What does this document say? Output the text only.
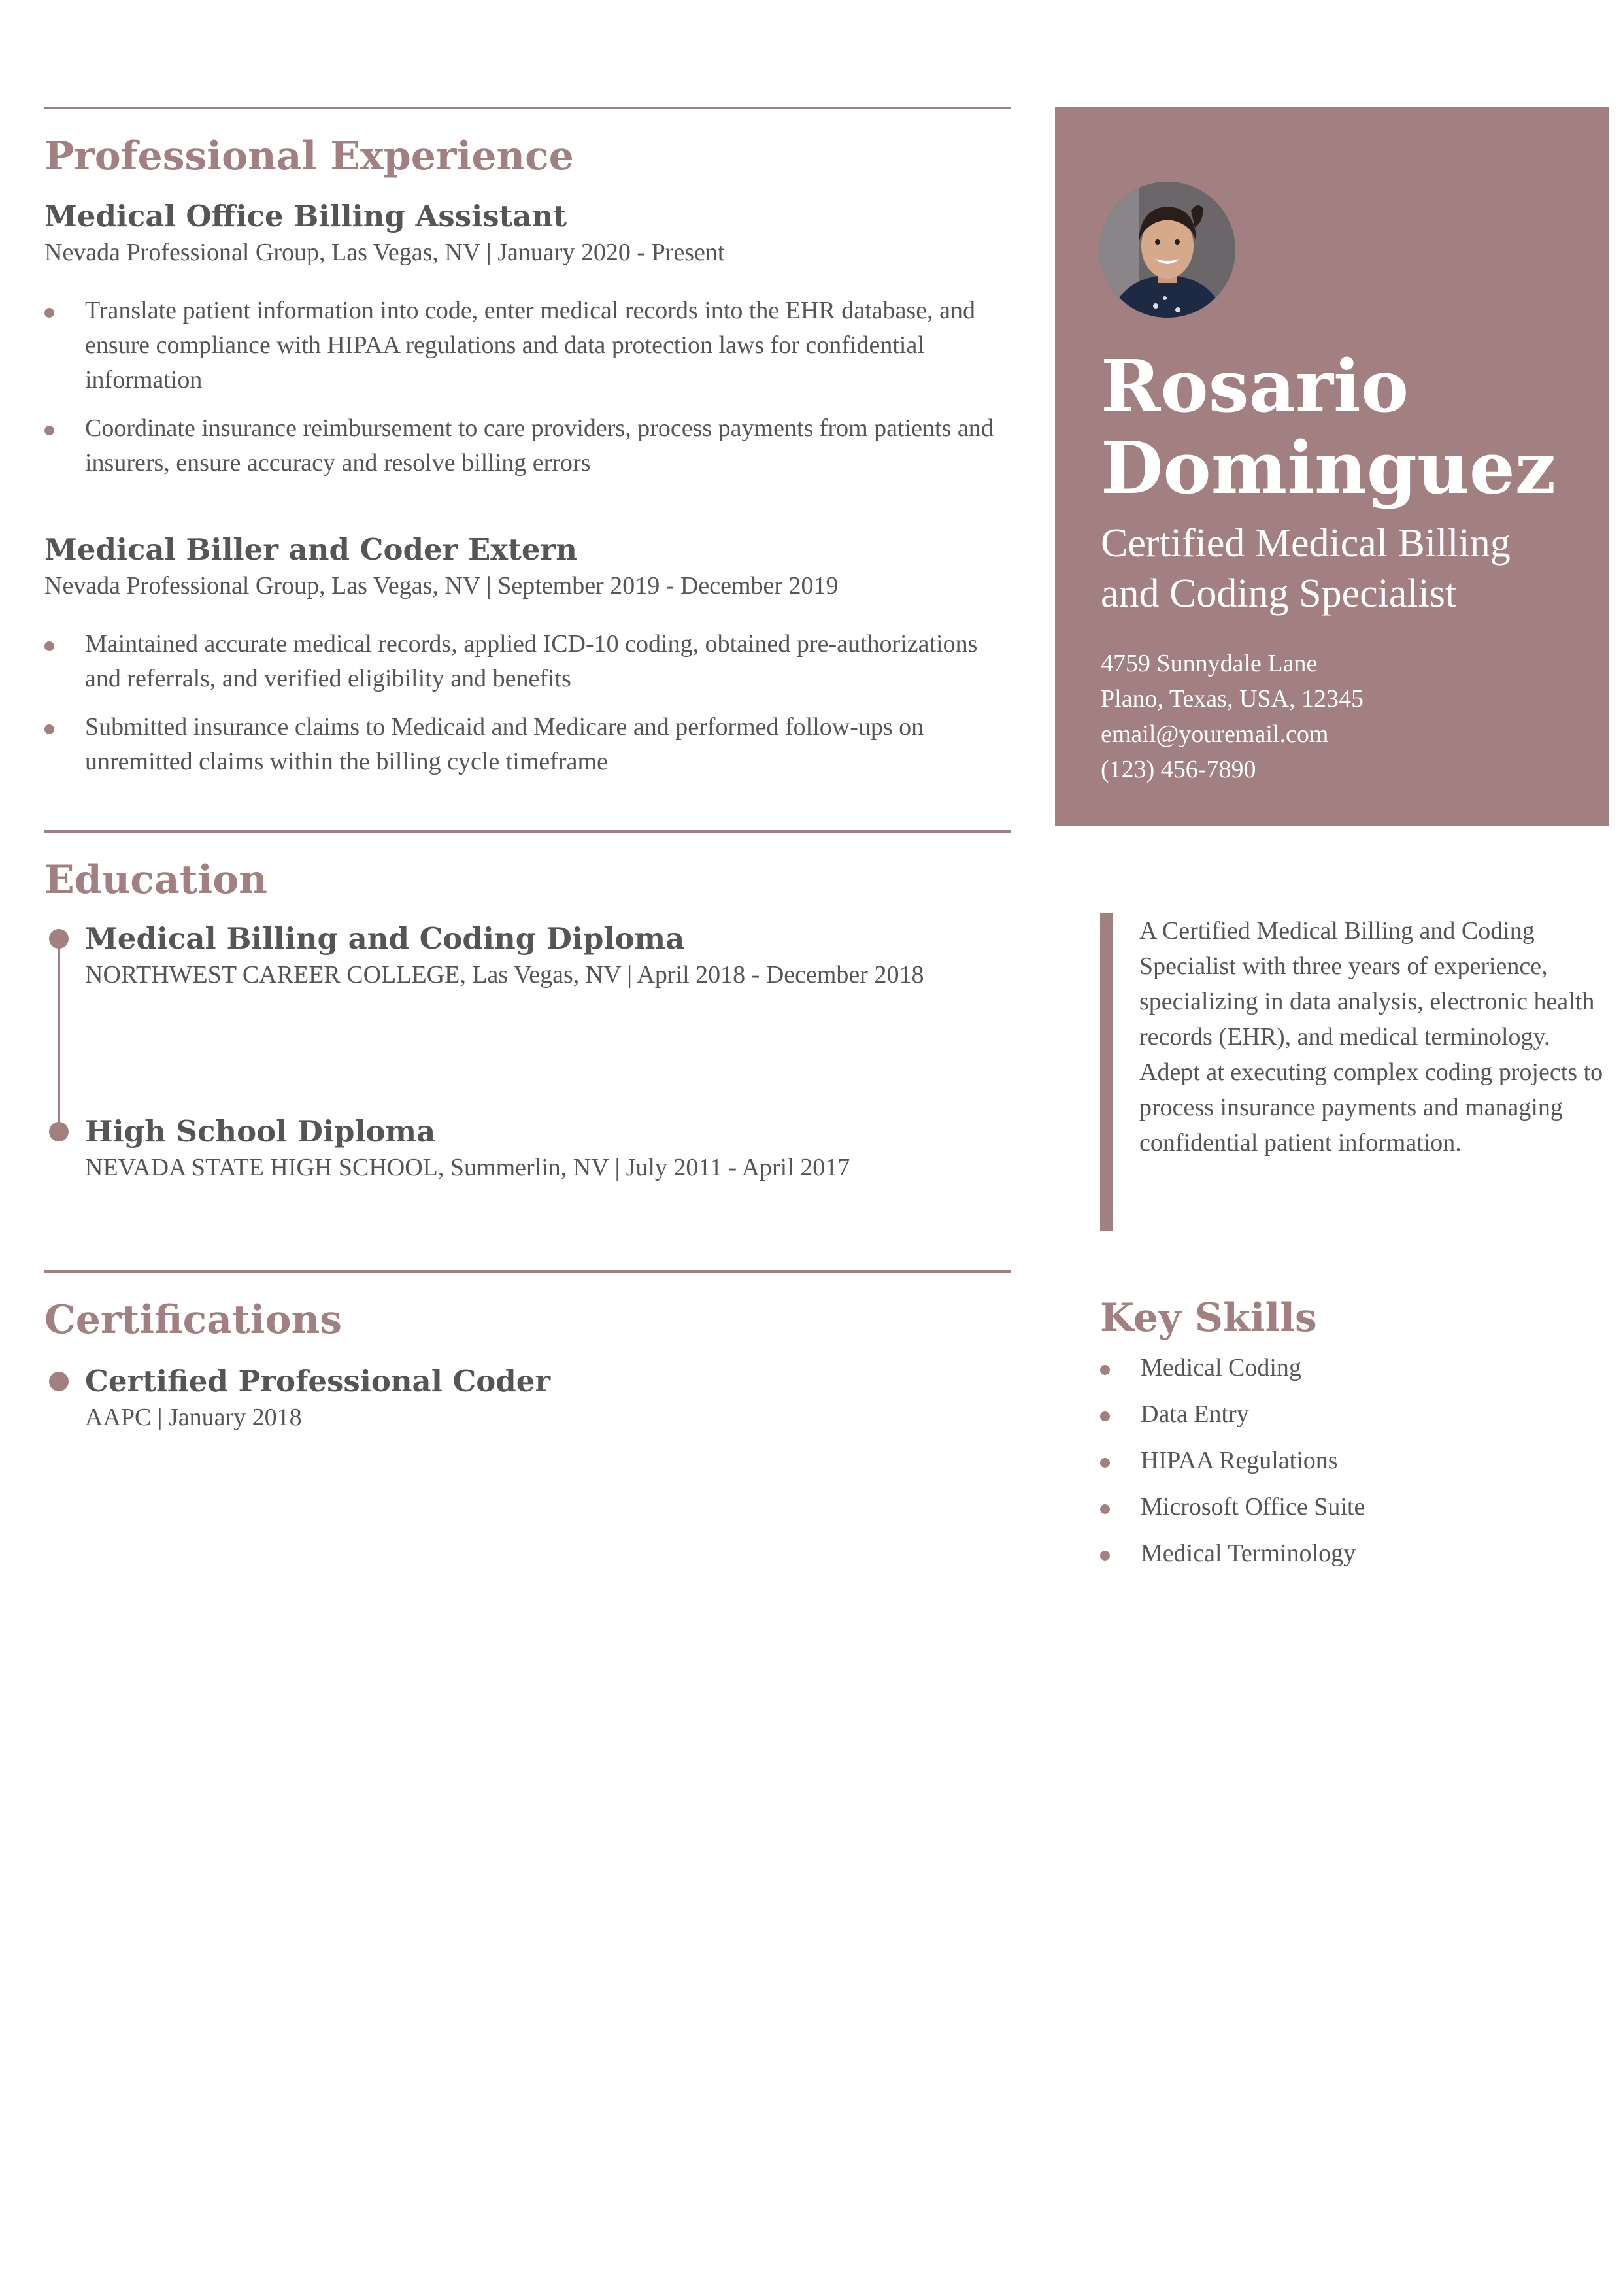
Professional Experience
Medical Office Billing Assistant
Nevada Professional Group, Las Vegas, NV | January 2020 - Present
Translate patient information into code, enter medical records into the EHR database, and ensure compliance with HIPAA regulations and data protection laws for confidential information
Coordinate insurance reimbursement to care providers, process payments from patients and insurers, ensure accuracy and resolve billing errors
Medical Biller and Coder Extern
Nevada Professional Group, Las Vegas, NV | September 2019 - December 2019
Maintained accurate medical records, applied ICD-10 coding, obtained pre-authorizations and referrals, and verified eligibility and benefits
Submitted insurance claims to Medicaid and Medicare and performed follow-ups on unremitted claims within the billing cycle timeframe
Education
Medical Billing and Coding Diploma
NORTHWEST CAREER COLLEGE, Las Vegas, NV | April 2018 - December 2018
High School Diploma
NEVADA STATE HIGH SCHOOL, Summerlin, NV | July 2011 - April 2017
Certifications
Certified Professional Coder
AAPC | January 2018
Rosario
Dominguez
Certified Medical Billing
and Coding Specialist
4759 Sunnydale Lane
Plano, Texas, USA, 12345
email@youremail.com
(123) 456-7890
A Certified Medical Billing and Coding Specialist with three years of experience, specializing in data analysis, electronic health records (EHR), and medical terminology. Adept at executing complex coding projects to process insurance payments and managing confidential patient information.
Key Skills
Medical Coding
Data Entry
HIPAA Regulations
Microsoft Office Suite
Medical Terminology
